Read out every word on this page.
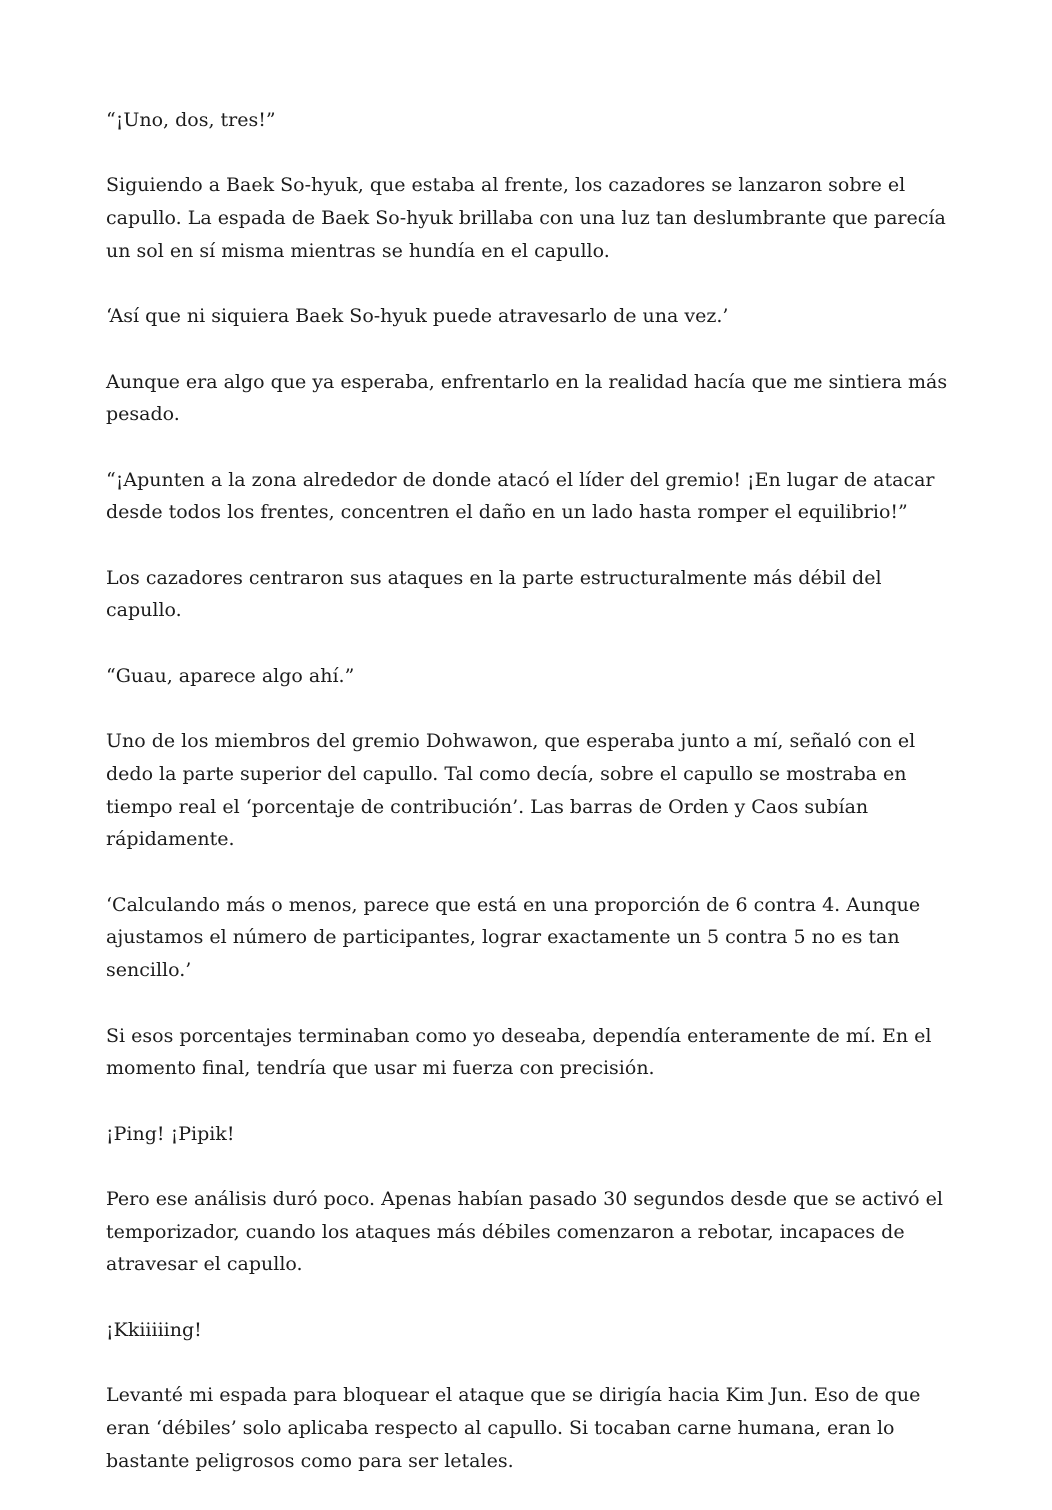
“¡Uno, dos, tres!”

Siguiendo a Baek So-hyuk, que estaba al frente, los cazadores se lanzaron sobre el capullo. La espada de Baek So-hyuk brillaba con una luz tan deslumbrante que parecía un sol en sí misma mientras se hundía en el capullo.

‘Así que ni siquiera Baek So-hyuk puede atravesarlo de una vez.’

Aunque era algo que ya esperaba, enfrentarlo en la realidad hacía que me sintiera más pesado.

“¡Apunten a la zona alrededor de donde atacó el líder del gremio! ¡En lugar de atacar desde todos los frentes, concentren el daño en un lado hasta romper el equilibrio!”

Los cazadores centraron sus ataques en la parte estructuralmente más débil del capullo.

“Guau, aparece algo ahí.”

Uno de los miembros del gremio Dohwawon, que esperaba junto a mí, señaló con el dedo la parte superior del capullo. Tal como decía, sobre el capullo se mostraba en tiempo real el ‘porcentaje de contribución’. Las barras de Orden y Caos subían rápidamente.

‘Calculando más o menos, parece que está en una proporción de 6 contra 4. Aunque ajustamos el número de participantes, lograr exactamente un 5 contra 5 no es tan sencillo.’

Si esos porcentajes terminaban como yo deseaba, dependía enteramente de mí. En el momento final, tendría que usar mi fuerza con precisión.

¡Ping! ¡Pipik!

Pero ese análisis duró poco. Apenas habían pasado 30 segundos desde que se activó el temporizador, cuando los ataques más débiles comenzaron a rebotar, incapaces de atravesar el capullo.

¡Kkiiiiing!

Levanté mi espada para bloquear el ataque que se dirigía hacia Kim Jun. Eso de que eran ‘débiles’ solo aplicaba respecto al capullo. Si tocaban carne humana, eran lo bastante peligrosos como para ser letales.
